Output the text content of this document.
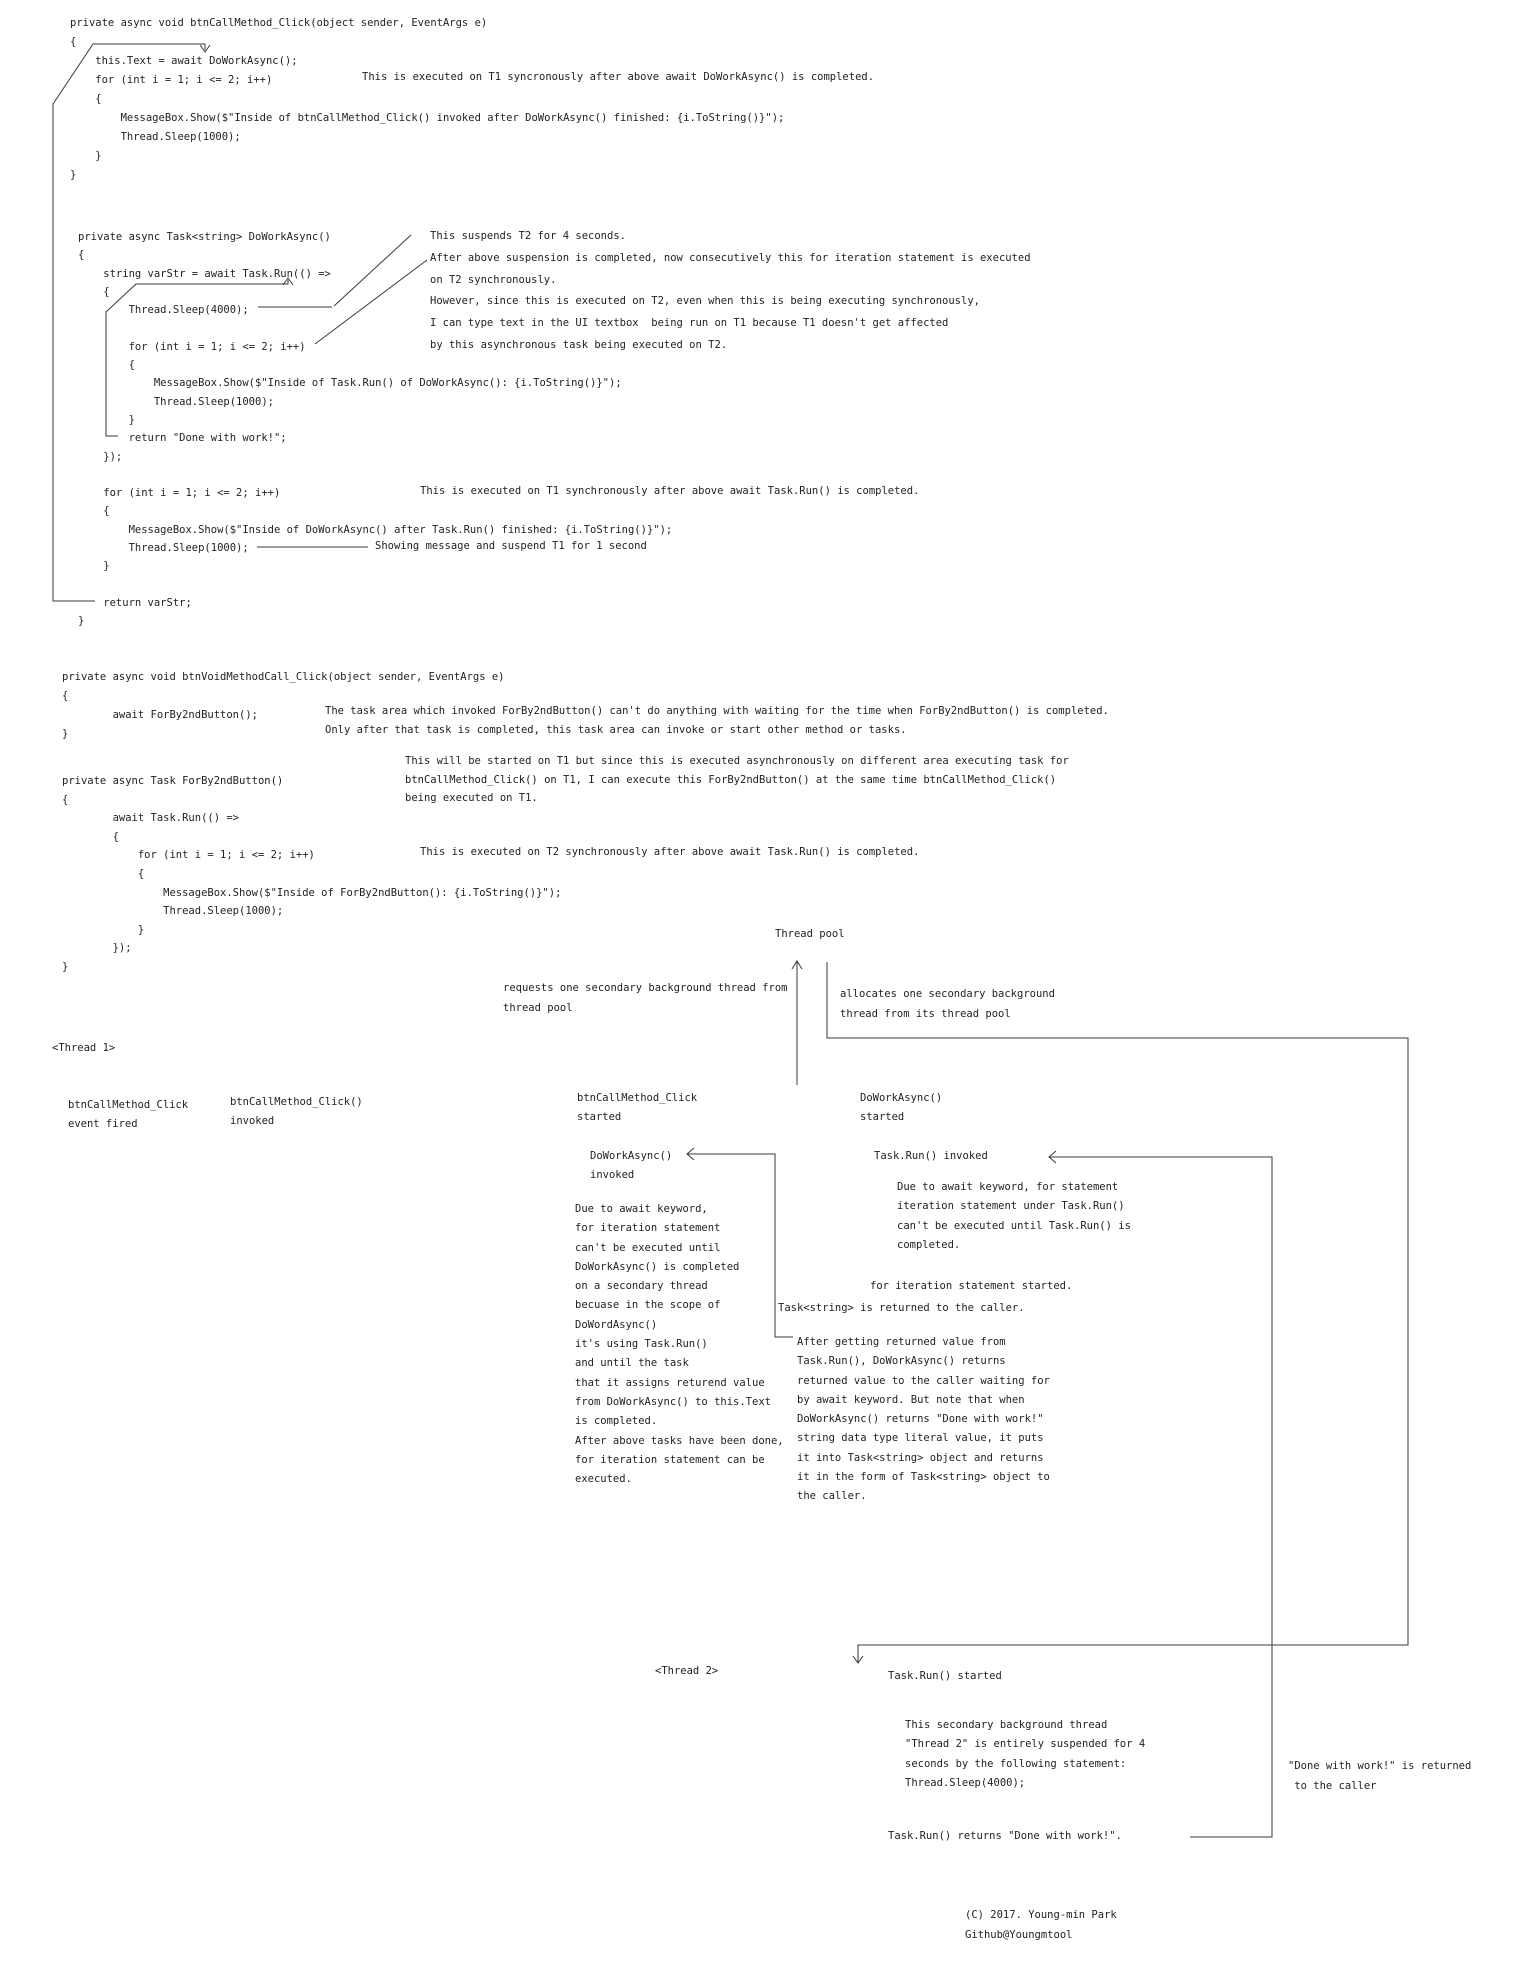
private async void btnCallMethod_Click(object sender, EventArgs e)
{
this.Text = await DoWorkAsync();
for (int i = 1; i <= 2; i++)
{
MessageBox.Show($"Inside of btnCallMethod_Click() invoked after DoWorkAsync() finished: {i.ToString()}");
Thread.Sleep(1000);
}
}
This is executed on T1 syncronously after above await DoWorkAsync() is completed.
private async Task<string> DoWorkAsync()
{
string varStr = await Task.Run(() =>
{
Thread.Sleep(4000);

for (int i = 1; i <= 2; i++)
{
MessageBox.Show($"Inside of Task.Run() of DoWorkAsync(): {i.ToString()}");
Thread.Sleep(1000);
}
return "Done with work!";
});

for (int i = 1; i <= 2; i++)
{
MessageBox.Show($"Inside of DoWorkAsync() after Task.Run() finished: {i.ToString()}");
Thread.Sleep(1000);
}

return varStr;
}
This suspends T2 for 4 seconds.
After above suspension is completed, now consecutively this for iteration statement is executed
on T2 synchronously.
However, since this is executed on T2, even when this is being executing synchronously,
I can type text in the UI textbox  being run on T1 because T1 doesn't get affected
by this asynchronous task being executed on T2.
This is executed on T1 synchronously after above await Task.Run() is completed.
Showing message and suspend T1 for 1 second
private async void btnVoidMethodCall_Click(object sender, EventArgs e)
{
await ForBy2ndButton();
}
The task area which invoked ForBy2ndButton() can't do anything with waiting for the time when ForBy2ndButton() is completed.
Only after that task is completed, this task area can invoke or start other method or tasks.
private async Task ForBy2ndButton()
{
await Task.Run(() =>
{
for (int i = 1; i <= 2; i++)
{
MessageBox.Show($"Inside of ForBy2ndButton(): {i.ToString()}");
Thread.Sleep(1000);
}
});
}
This will be started on T1 but since this is executed asynchronously on different area executing task for
btnCallMethod_Click() on T1, I can execute this ForBy2ndButton() at the same time btnCallMethod_Click()
being executed on T1.
This is executed on T2 synchronously after above await Task.Run() is completed.
Thread pool
requests one secondary background thread from
thread pool
allocates one secondary background
thread from its thread pool
<Thread 1>
btnCallMethod_Click
event fired
btnCallMethod_Click()
invoked
btnCallMethod_Click
started
DoWorkAsync()
started
DoWorkAsync()
invoked
Task.Run() invoked
Due to await keyword,
for iteration statement
can't be executed until
DoWorkAsync() is completed
on a secondary thread
becuase in the scope of
DoWordAsync()
it's using Task.Run()
and until the task
that it assigns returend value
from DoWorkAsync() to this.Text
is completed.
After above tasks have been done,
for iteration statement can be
executed.
Due to await keyword, for statement
iteration statement under Task.Run()
can't be executed until Task.Run() is
completed.
for iteration statement started.
Task<string> is returned to the caller.
After getting returned value from
Task.Run(), DoWorkAsync() returns
returned value to the caller waiting for
by await keyword. But note that when
DoWorkAsync() returns "Done with work!"
string data type literal value, it puts
it into Task<string> object and returns
it in the form of Task<string> object to
the caller.
<Thread 2>	Task.Run() started
This secondary background thread
"Thread 2" is entirely suspended for 4
seconds by the following statement:
Thread.Sleep(4000);
"Done with work!" is returned
to the caller
Task.Run() returns "Done with work!".
(C) 2017. Young-min Park
Github@Youngmtool
